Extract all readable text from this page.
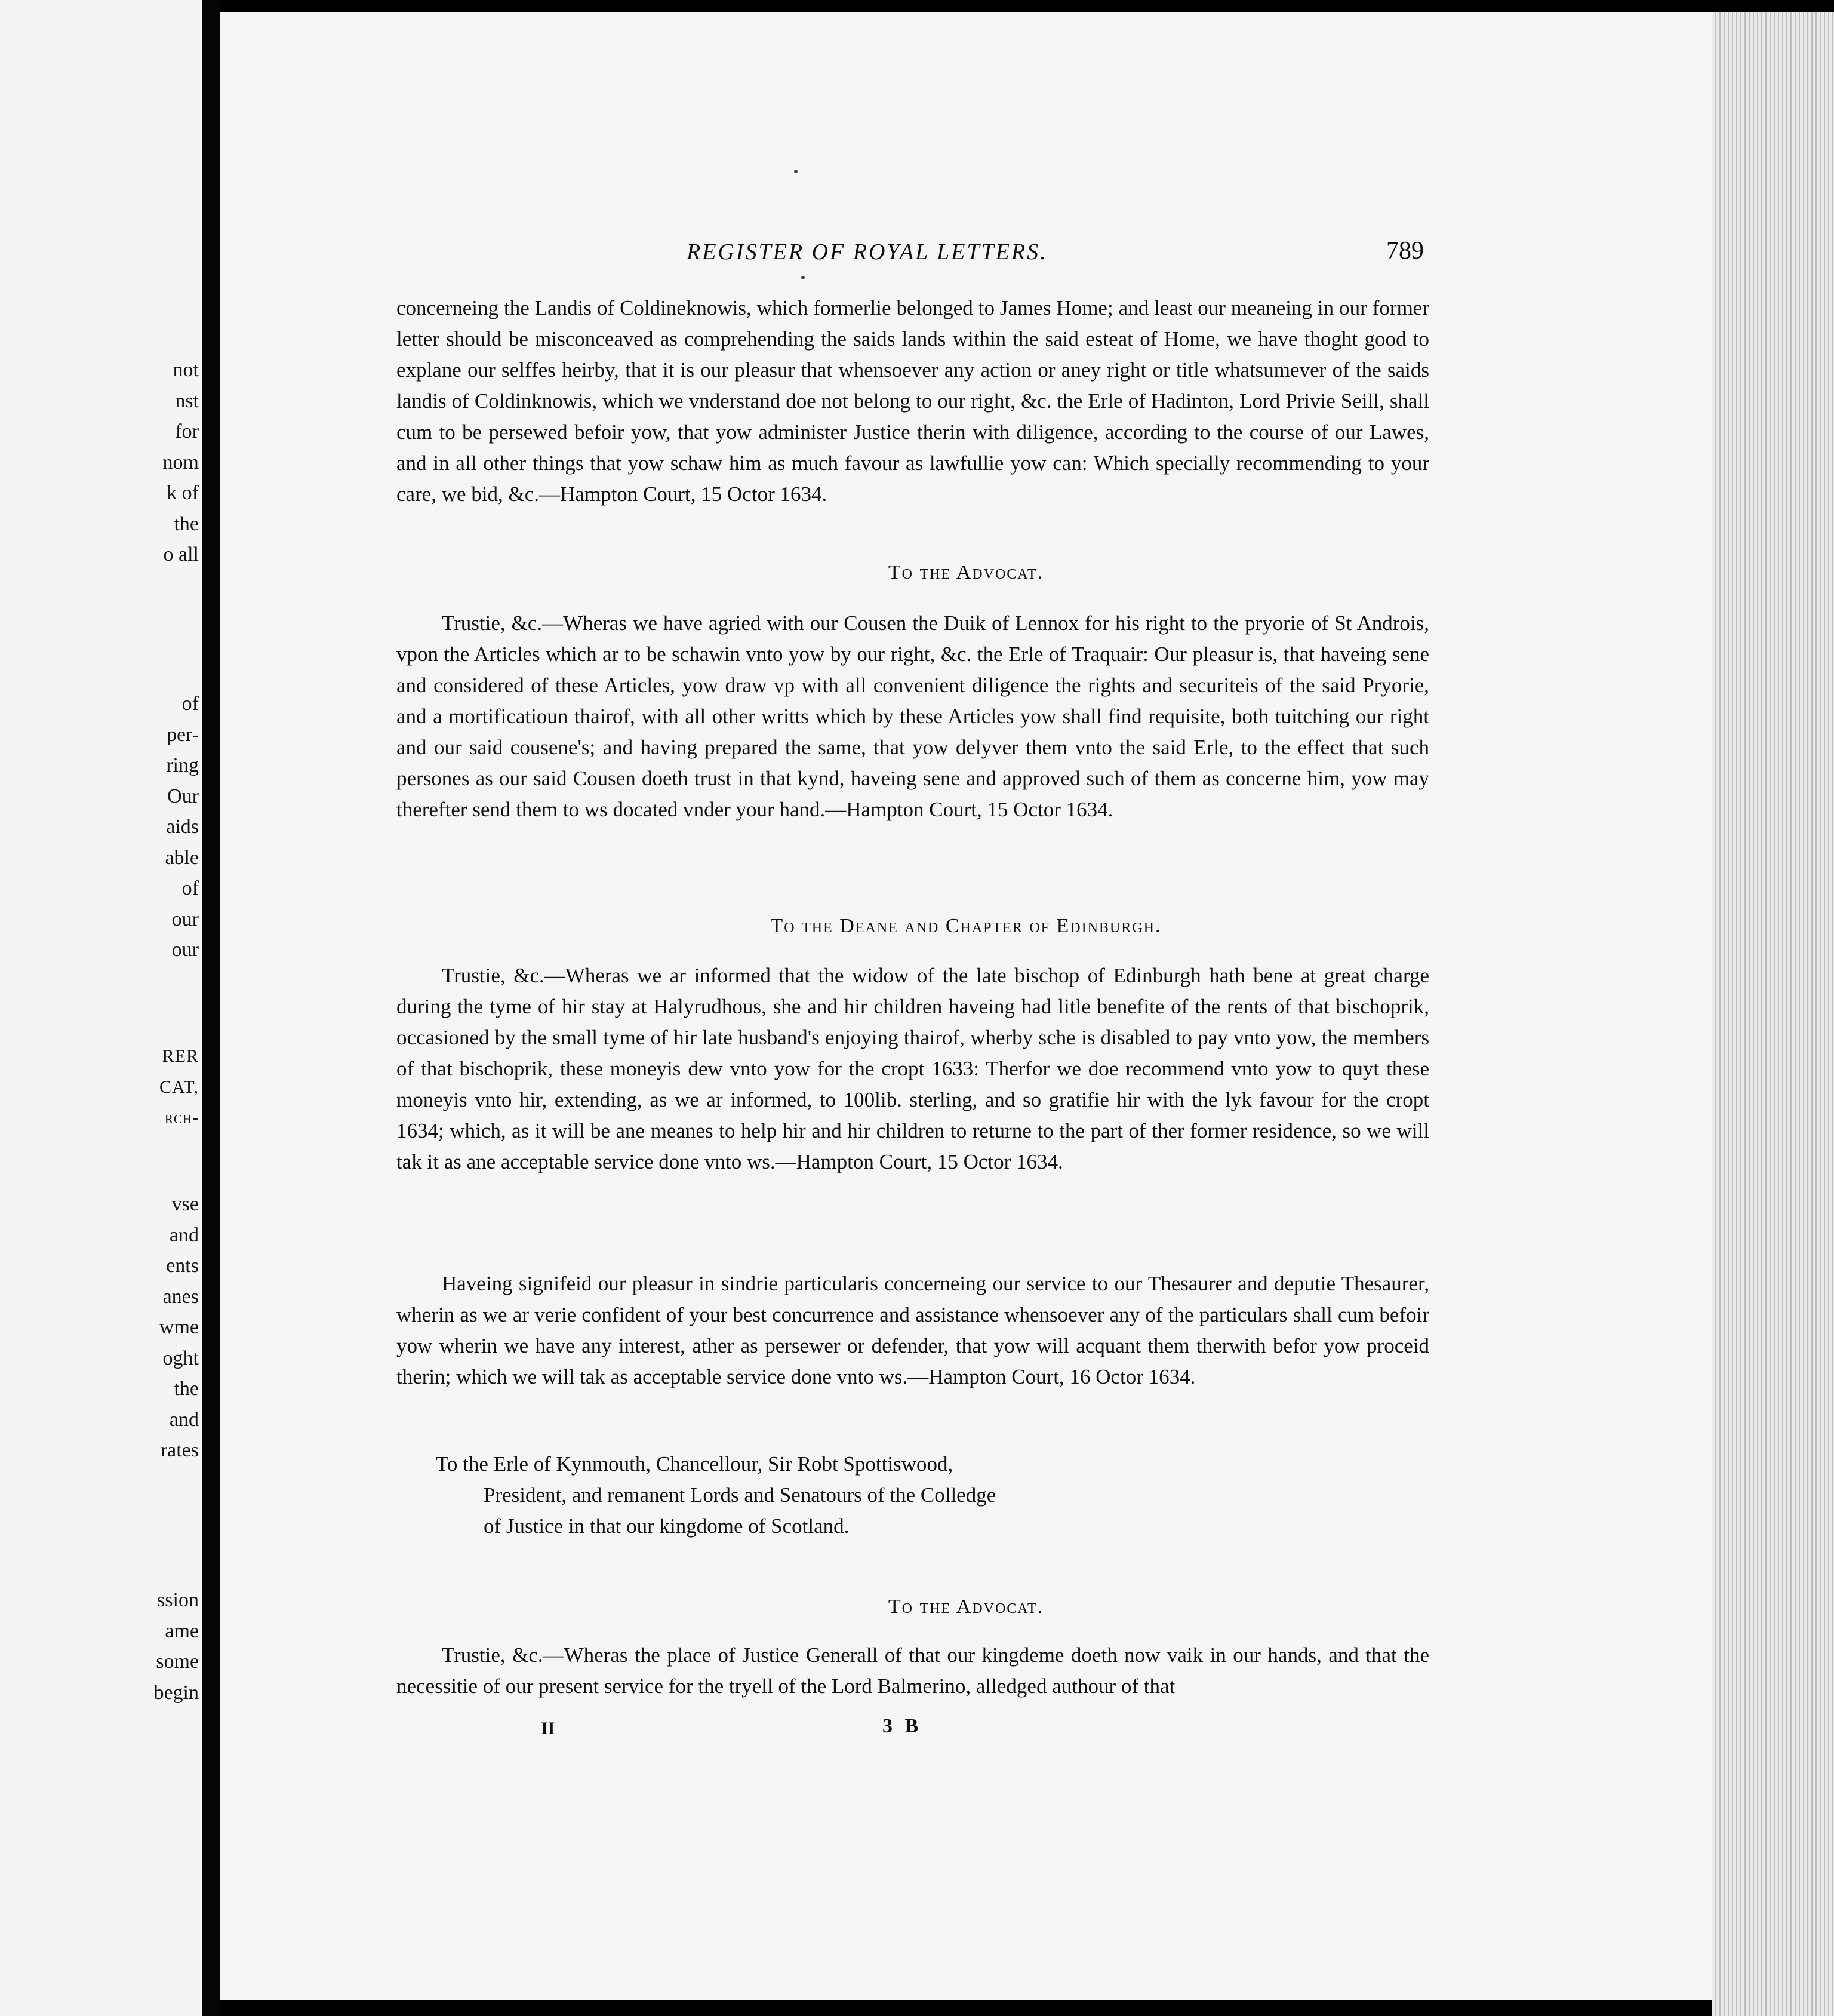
not
nst
for
nom
k of
the
o all
of
per-
ring
Our
aids
able
of
our
our
RER
CAT,
rch-
vse
and
ents
anes
wme
oght
the
and
rates
ssion
ame
some
begin
REGISTER OF ROYAL LETTERS.	789
concerneing the Landis of Coldineknowis, which formerlie belonged to James Home; and least our meaneing in our former letter should be misconceaved as comprehending the saids lands within the said esteat of Home, we have thoght good to explane our selffes heirby, that it is our pleasur that whensoever any action or aney right or title whatsumever of the saids landis of Coldinknowis, which we vnderstand doe not belong to our right, &c. the Erle of Hadinton, Lord Privie Seill, shall cum to be persewed befoir yow, that yow administer Justice therin with diligence, according to the course of our Lawes, and in all other things that yow schaw him as much favour as lawfullie yow can: Which specially recommending to your care, we bid, &c.—Hampton Court, 15 Octor 1634.
To the Advocat.
Trustie, &c.—Wheras we have agried with our Cousen the Duik of Lennox for his right to the pryorie of St Androis, vpon the Articles which ar to be schawin vnto yow by our right, &c. the Erle of Traquair: Our pleasur is, that haveing sene and considered of these Articles, yow draw vp with all convenient diligence the rights and securiteis of the said Pryorie, and a mortificatioun thairof, with all other writts which by these Articles yow shall find requisite, both tuitching our right and our said cousene's; and having prepared the same, that yow delyver them vnto the said Erle, to the effect that such persones as our said Cousen doeth trust in that kynd, haveing sene and approved such of them as concerne him, yow may therefter send them to ws docated vnder your hand.—Hampton Court, 15 Octor 1634.
To the Deane and Chapter of Edinburgh.
Trustie, &c.—Wheras we ar informed that the widow of the late bischop of Edinburgh hath bene at great charge during the tyme of hir stay at Halyrudhous, she and hir children haveing had litle benefite of the rents of that bischoprik, occasioned by the small tyme of hir late husband's enjoying thairof, wherby sche is disabled to pay vnto yow, the members of that bischoprik, these moneyis dew vnto yow for the cropt 1633: Therfor we doe recommend vnto yow to quyt these moneyis vnto hir, extending, as we ar informed, to 100lib. sterling, and so gratifie hir with the lyk favour for the cropt 1634; which, as it will be ane meanes to help hir and hir children to returne to the part of ther former residence, so we will tak it as ane acceptable service done vnto ws.—Hampton Court, 15 Octor 1634.
Haveing signifeid our pleasur in sindrie particularis concerneing our service to our Thesaurer and deputie Thesaurer, wherin as we ar verie confident of your best concurrence and assistance whensoever any of the particulars shall cum befoir yow wherin we have any interest, ather as persewer or defender, that yow will acquant them therwith befor yow proceid therin; which we will tak as acceptable service done vnto ws.—Hampton Court, 16 Octor 1634.
To the Erle of Kynmouth, Chancellour, Sir Robt Spottiswood,
President, and remanent Lords and Senatours of the Colledge
of Justice in that our kingdome of Scotland.
To the Advocat.
Trustie, &c.—Wheras the place of Justice Generall of that our kingdeme doeth now vaik in our hands, and that the necessitie of our present service for the tryell of the Lord Balmerino, alledged authour of that
II	3 B
